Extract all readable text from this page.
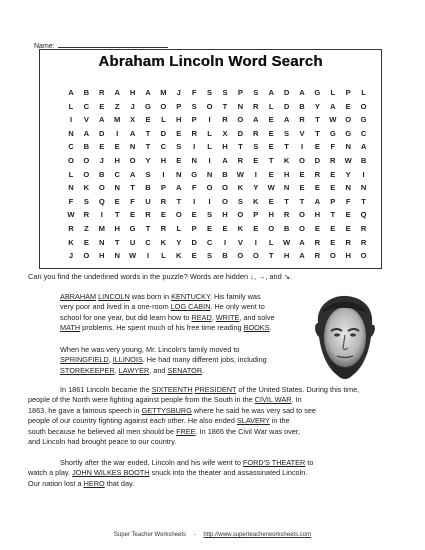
Name:
Abraham Lincoln Word Search
A	B	R	A	H	A	M	J	F	S	S	P	S	A	D	A	G	L	P	L
L	C	E	Z	J	G	O	P	S	O	T	N	R	L	D	B	Y	A	E	O
I	V	A	M	X	E	L	H	P	I	R	O	A	E	A	R	T	W	O	G
N	A	D	I	A	T	D	E	R	L	X	D	R	E	S	V	T	G	G	C
C	B	E	E	N	T	C	S	I	L	H	T	S	E	T	I	E	F	N	A
O	O	J	H	O	Y	H	E	N	I	A	R	E	T	K	O	D	R	W	B
L	O	B	C	A	S	I	N	G	N	B	W	I	E	H	E	R	E	Y	I
N	K	O	N	T	B	P	A	F	O	O	K	Y	W	N	E	E	E	N	N
F	S	Q	E	F	U	R	T	I	I	O	S	K	E	T	T	A	P	F	T
W	R	I	T	E	R	E	O	E	S	H	O	P	H	R	O	H	T	E	Q
R	Z	M	H	G	T	R	L	P	E	E	K	E	O	B	O	E	E	E	R
K	E	N	T	U	C	K	Y	D	C	I	V	I	L	W	A	R	E	R	R
J	O	H	N	W	I	L	K	E	S	B	O	O	T	H	A	R	O	H	O
Can you find the underlined words in the puzzle? Words are hidden ↓, →, and ↘.
ABRAHAM LINCOLN was born in KENTUCKY. His family was
very poor and lived in a one-room LOG CABIN. He only went to
school for one year, but did learn how to READ, WRITE, and solve
MATH problems. He spent much of his free time reading BOOKS.
When he was very young, Mr. Lincoln's family moved to
SPRINGFIELD, ILLINOIS. He had many different jobs, including
STOREKEEPER, LAWYER, and SENATOR.
In 1861 Lincoln became the SIXTEENTH PRESIDENT of the United States. During this time,
people of the North were fighting against people from the South in the CIVIL WAR. In
1863, he gave a famous speech in GETTYSBURG where he said he was very sad to see
people of our country fighting against each other. He also ended SLAVERY in the
south because he believed all men should be FREE. In 1865 the Civil War was over,
and Lincoln had brought peace to our country.
Shortly after the war ended, Lincoln and his wife went to FORD'S THEATER to
watch a play. JOHN WILKES BOOTH snuck into the theater and assassinated Lincoln.
Our nation lost a HERO that day.
Super Teacher Worksheets - http://www.superteacherworksheets.com
